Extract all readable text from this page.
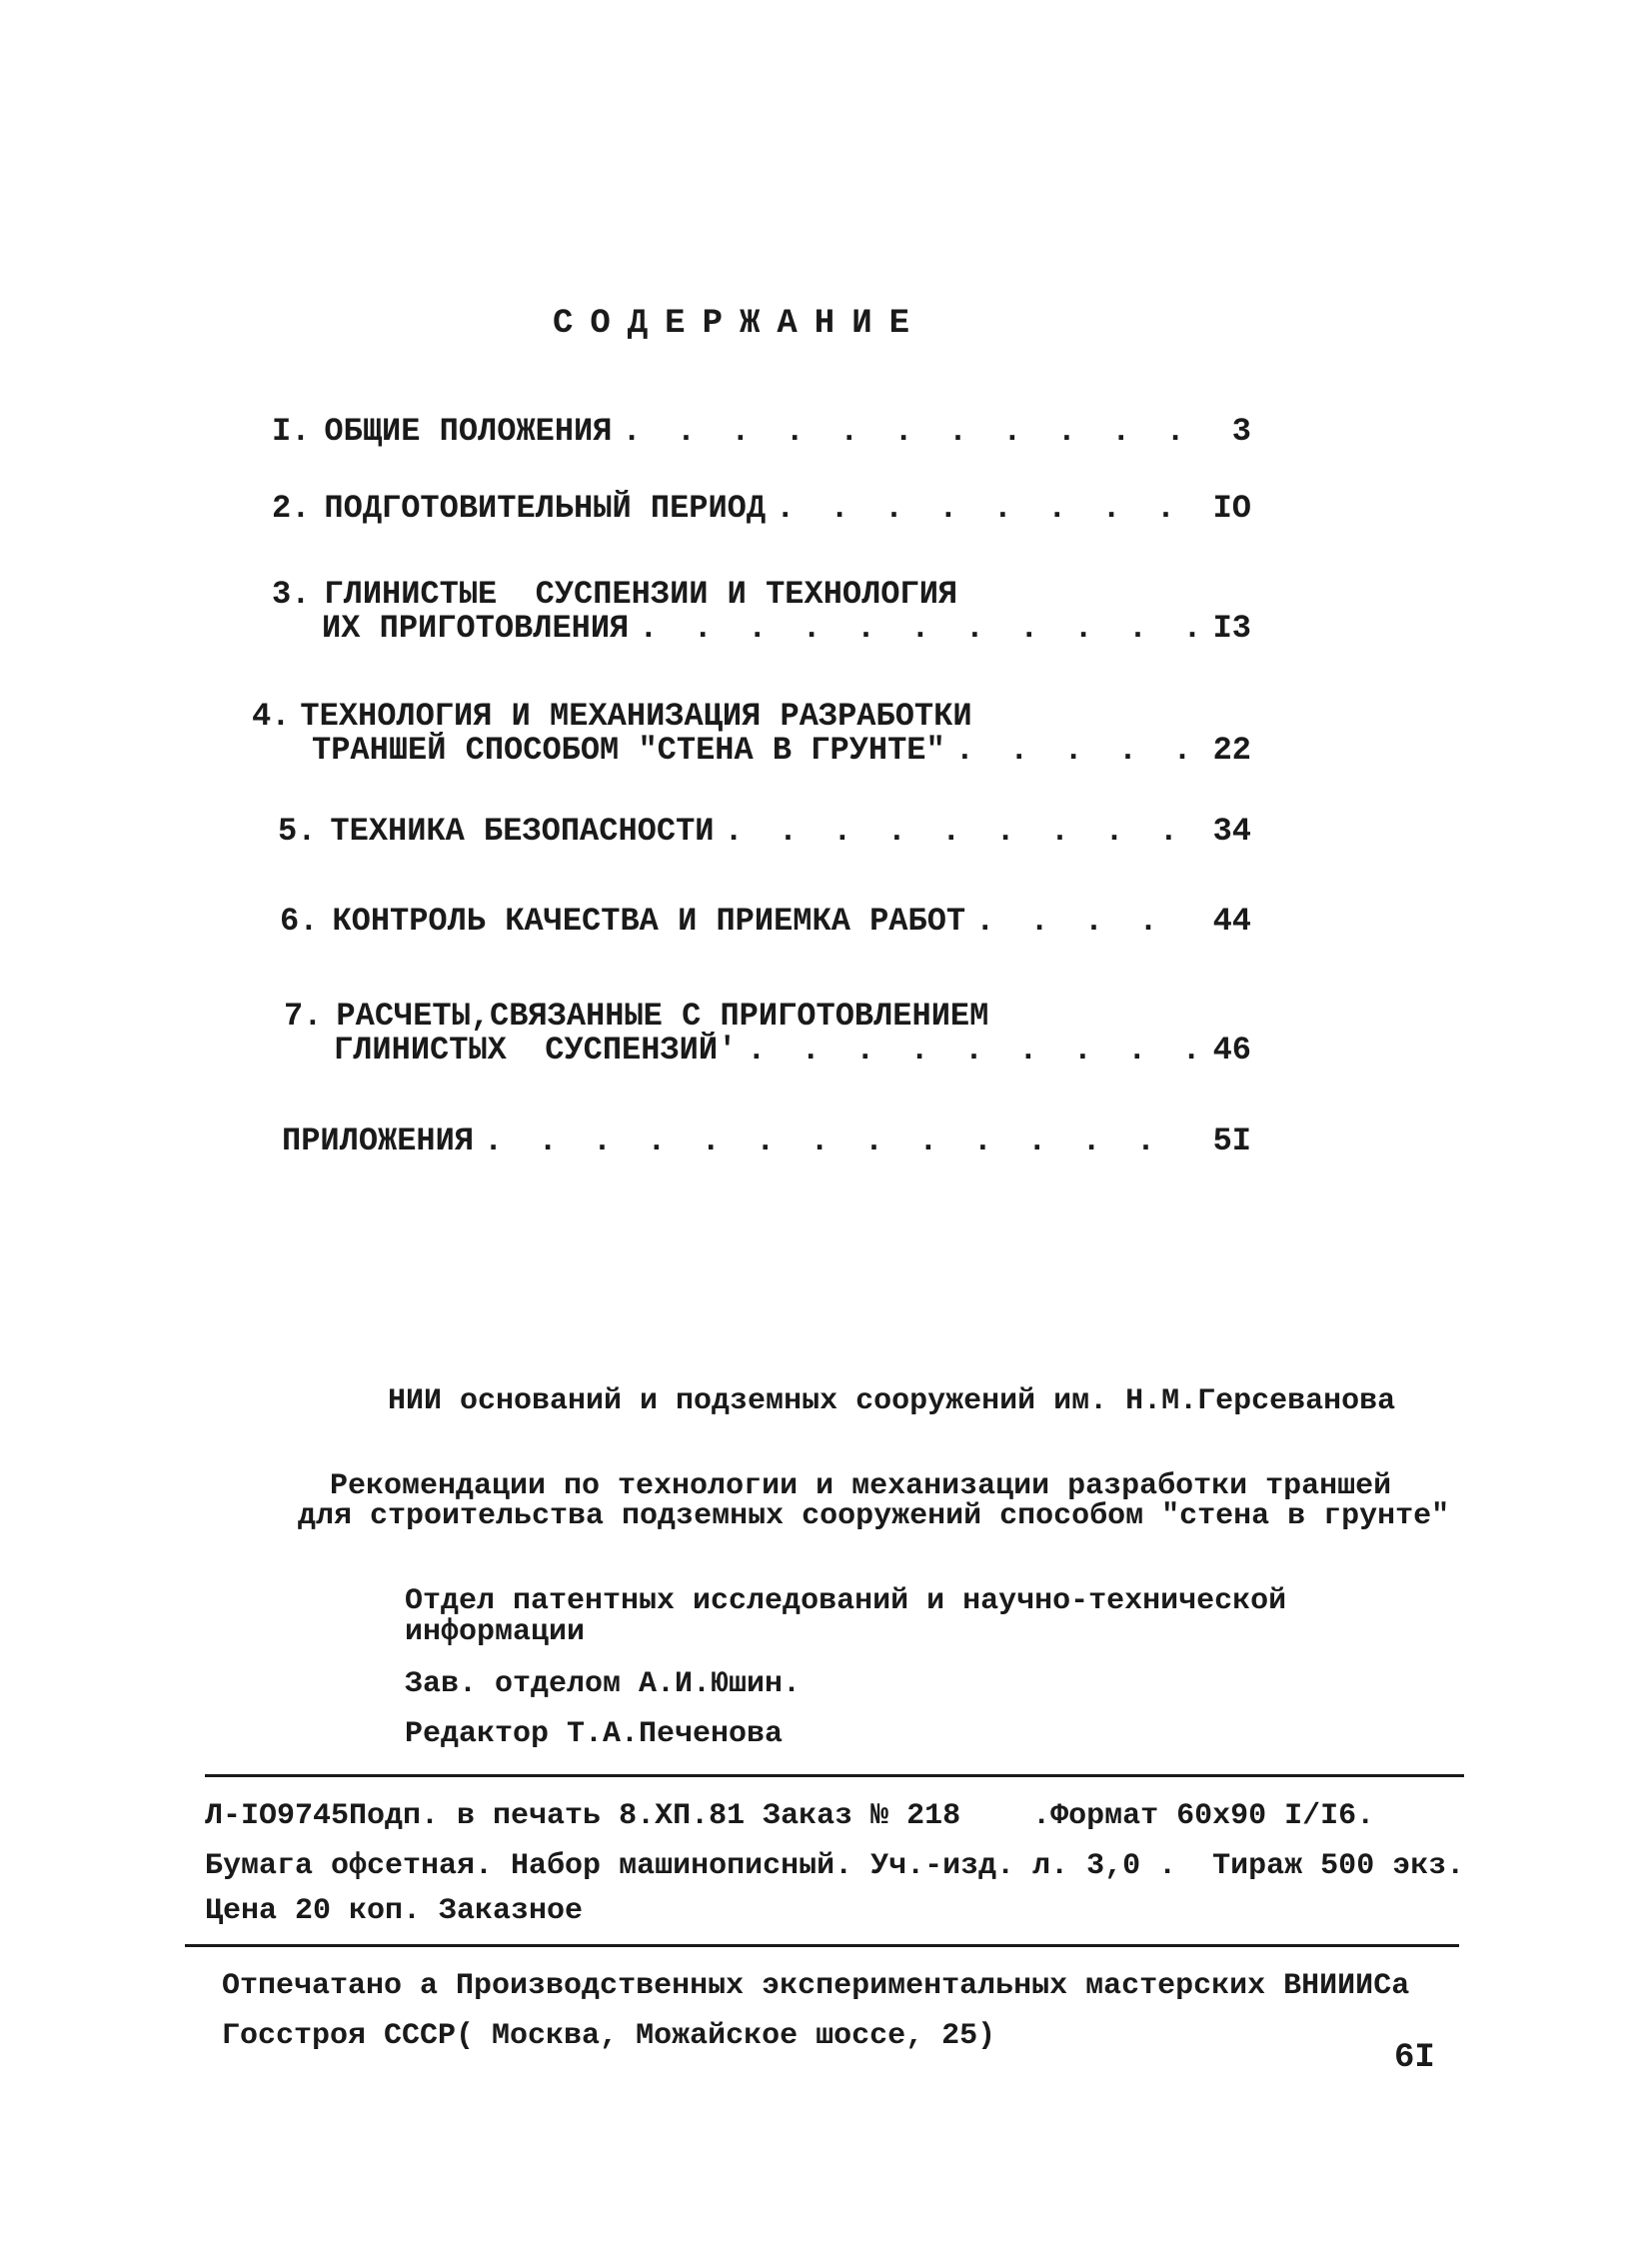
СОДЕРЖАНИЕ
I. ОБЩИЕ ПОЛОЖЕНИЯ . . .	3
2. ПОДГОТОВИТЕЛЬНЫЙ ПЕРИОД . . .	IO
3. ГЛИНИСТЫЕ  СУСПЕНЗИИ И ТЕХНОЛОГИЯ
ИХ ПРИГОТОВЛЕНИЯ . . .	I3
4. ТЕХНОЛОГИЯ И МЕХАНИЗАЦИЯ РАЗРАБОТКИ
ТРАНШЕЙ СПОСОБОМ "СТЕНА В ГРУНТЕ" . . .	22
5. ТЕХНИКА БЕЗОПАСНОСТИ . . .	34
6. КОНТРОЛЬ КАЧЕСТВА И ПРИЕМКА РАБОТ . . .	44
7. РАСЧЕТЫ,СВЯЗАННЫЕ С ПРИГОТОВЛЕНИЕМ
ГЛИНИСТЫХ  СУСПЕНЗИЙ' . . .	46
ПРИЛОЖЕНИЯ . . .	5I
НИИ оснований и подземных сооружений им. Н.М.Герсеванова
Рекомендации по технологии и механизации разработки траншей
для строительства подземных сооружений способом "стена в грунте"
Отдел патентных исследований и научно-технической
информации
Зав. отделом А.И.Юшин.
Редактор Т.А.Печенова
Л-IO9745Подп. в печать 8.XП.81 Заказ № 218    .Формат 60х90 I/I6.
Бумага офсетная. Набор машинописный. Уч.-изд. л. 3,0 .  Тираж 500 экз.
Цена 20 коп. Заказное
Отпечатано а Производственных экспериментальных мастерских ВНИИИСа
Госстроя СССР( Москва, Можайское шоссе, 25)
6I
